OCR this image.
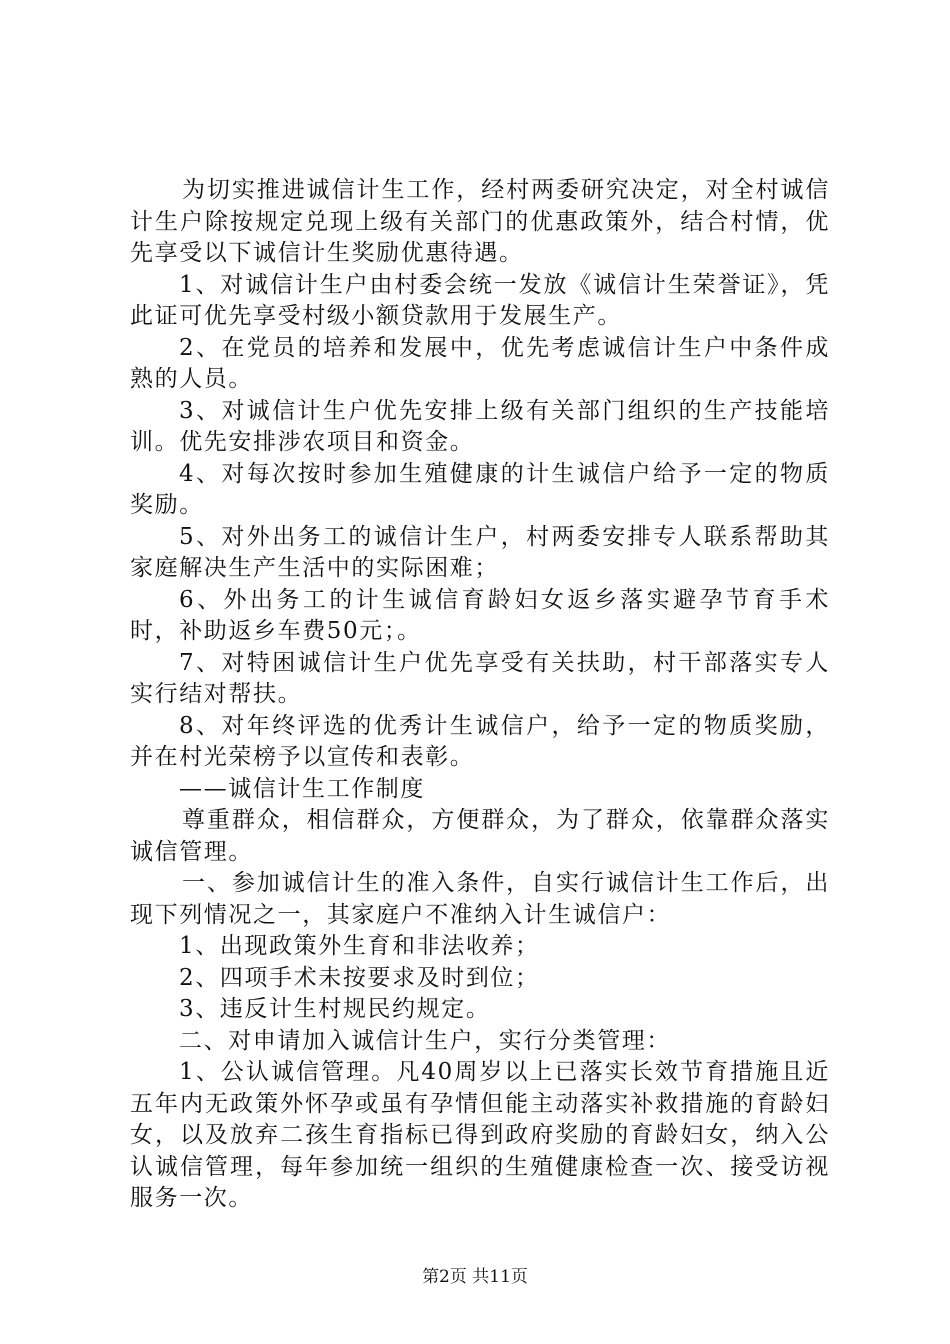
为切实推进诚信计生工作，经村两委研究决定，对全村诚信计生户除按规定兑现上级有关部门的优惠政策外，结合村情，优先享受以下诚信计生奖励优惠待遇。

1、对诚信计生户由村委会统一发放《诚信计生荣誉证》，凭此证可优先享受村级小额贷款用于发展生产。

2、在党员的培养和发展中，优先考虑诚信计生户中条件成熟的人员。

3、对诚信计生户优先安排上级有关部门组织的生产技能培训。优先安排涉农项目和资金。

4、对每次按时参加生殖健康的计生诚信户给予一定的物质奖励。

5、对外出务工的诚信计生户，村两委安排专人联系帮助其家庭解决生产生活中的实际困难；

6、外出务工的计生诚信育龄妇女返乡落实避孕节育手术时，补助返乡车费50元；。

7、对特困诚信计生户优先享受有关扶助，村干部落实专人实行结对帮扶。

8、对年终评选的优秀计生诚信户，给予一定的物质奖励，并在村光荣榜予以宣传和表彰。

——诚信计生工作制度

尊重群众，相信群众，方便群众，为了群众，依靠群众落实诚信管理。

一、参加诚信计生的准入条件，自实行诚信计生工作后，出现下列情况之一，其家庭户不准纳入计生诚信户：

1、出现政策外生育和非法收养；

2、四项手术未按要求及时到位；

3、违反计生村规民约规定。

二、对申请加入诚信计生户，实行分类管理：

1、公认诚信管理。凡40周岁以上已落实长效节育措施且近五年内无政策外怀孕或虽有孕情但能主动落实补救措施的育龄妇女，以及放弃二孩生育指标已得到政府奖励的育龄妇女，纳入公认诚信管理，每年参加统一组织的生殖健康检查一次、接受访视服务一次。

第2页 共11页
